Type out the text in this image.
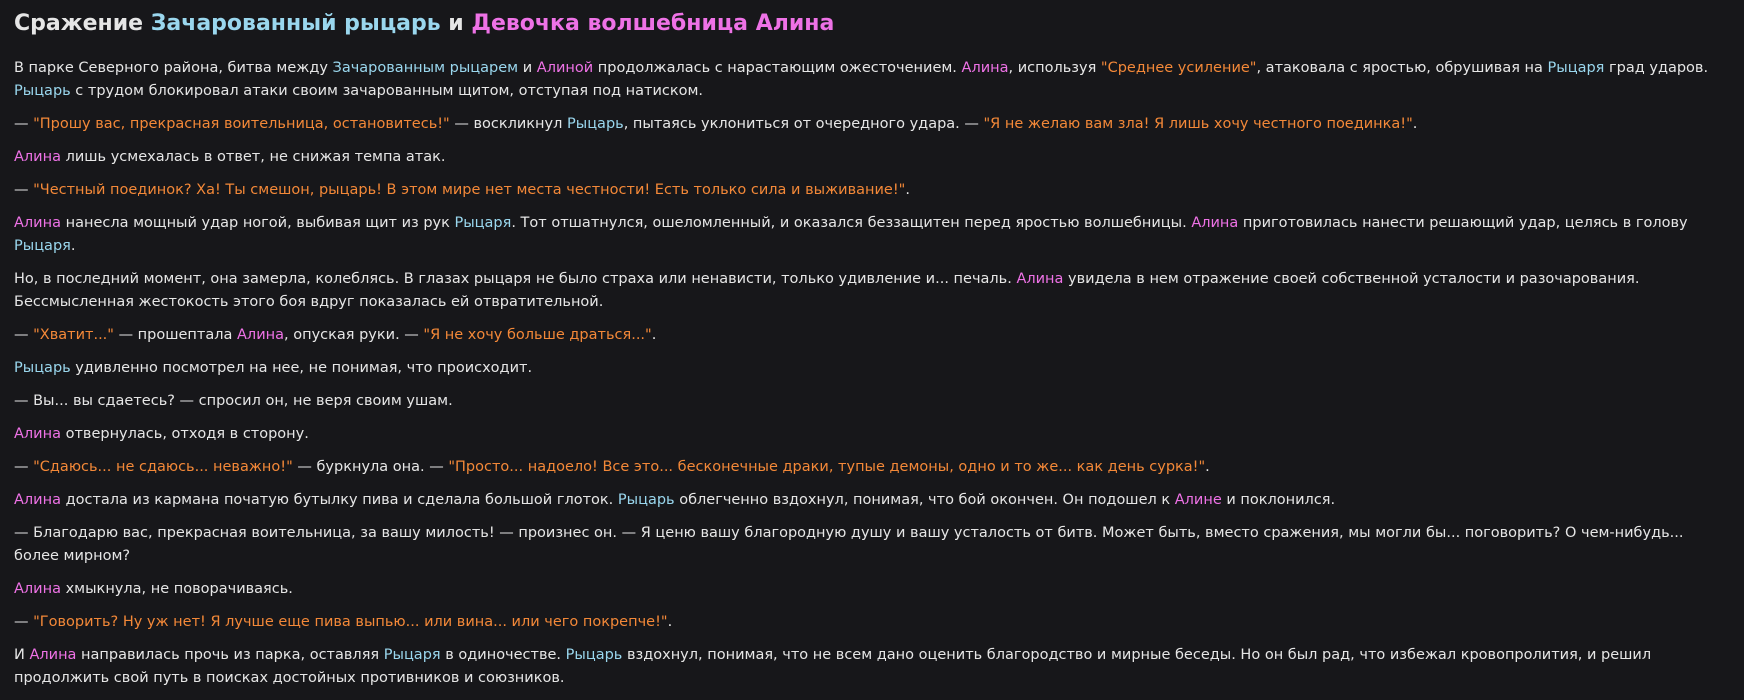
Сражение Зачарованный рыцарь и Девочка волшебница Алина

В парке Северного района, битва между Зачарованным рыцарем и Алиной продолжалась с нарастающим ожесточением. Алина, используя "Среднее усиление", атаковала с яростью, обрушивая на Рыцаря град ударов. Рыцарь с трудом блокировал атаки своим зачарованным щитом, отступая под натиском.

— "Прошу вас, прекрасная воительница, остановитесь!" — воскликнул Рыцарь, пытаясь уклониться от очередного удара. — "Я не желаю вам зла! Я лишь хочу честного поединка!".

Алина лишь усмехалась в ответ, не снижая темпа атак.

— "Честный поединок? Ха! Ты смешон, рыцарь! В этом мире нет места честности! Есть только сила и выживание!".

Алина нанесла мощный удар ногой, выбивая щит из рук Рыцаря. Тот отшатнулся, ошеломленный, и оказался беззащитен перед яростью волшебницы. Алина приготовилась нанести решающий удар, целясь в голову Рыцаря.

Но, в последний момент, она замерла, колеблясь. В глазах рыцаря не было страха или ненависти, только удивление и... печаль. Алина увидела в нем отражение своей собственной усталости и разочарования. Бессмысленная жестокость этого боя вдруг показалась ей отвратительной.

— "Хватит..." — прошептала Алина, опуская руки. — "Я не хочу больше драться...".

Рыцарь удивленно посмотрел на нее, не понимая, что происходит.

— Вы... вы сдаетесь? — спросил он, не веря своим ушам.

Алина отвернулась, отходя в сторону.

— "Сдаюсь... не сдаюсь... неважно!" — буркнула она. — "Просто... надоело! Все это... бесконечные драки, тупые демоны, одно и то же... как день сурка!".

Алина достала из кармана початую бутылку пива и сделала большой глоток. Рыцарь облегченно вздохнул, понимая, что бой окончен. Он подошел к Алине и поклонился.

— Благодарю вас, прекрасная воительница, за вашу милость! — произнес он. — Я ценю вашу благородную душу и вашу усталость от битв. Может быть, вместо сражения, мы могли бы... поговорить? О чем-нибудь... более мирном?

Алина хмыкнула, не поворачиваясь.

— "Говорить? Ну уж нет! Я лучше еще пива выпью... или вина... или чего покрепче!".

И Алина направилась прочь из парка, оставляя Рыцаря в одиночестве. Рыцарь вздохнул, понимая, что не всем дано оценить благородство и мирные беседы. Но он был рад, что избежал кровопролития, и решил продолжить свой путь в поисках достойных противников и союзников.
